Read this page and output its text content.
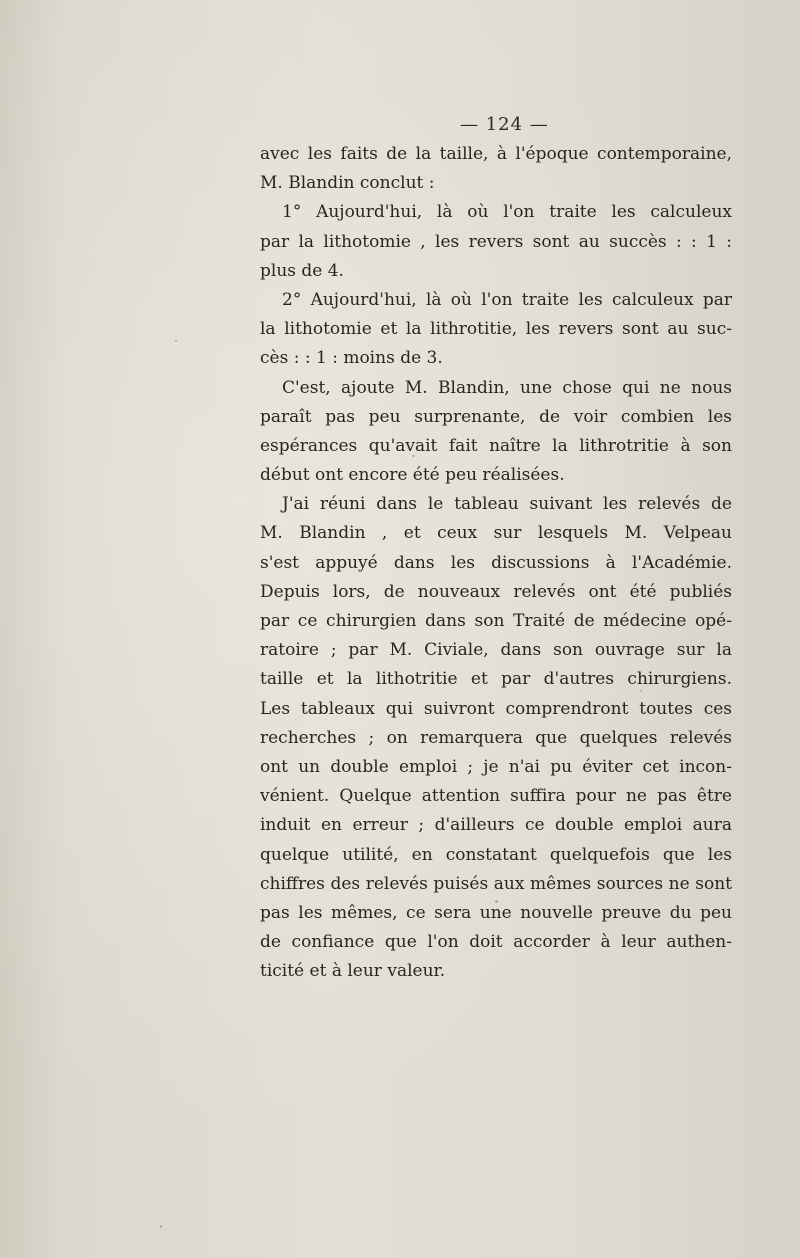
— 124 —
avec les faits de la taille, à l'époque contemporaine,
M. Blandin conclut :
1° Aujourd'hui, là où l'on traite les calculeux
par la lithotomie , les revers sont au succès : : 1 :
plus de 4.
2° Aujourd'hui, là où l'on traite les calculeux par
la lithotomie et la lithrotitie, les revers sont au suc-
cès : : 1 : moins de 3.
C'est, ajoute M. Blandin, une chose qui ne nous
paraît pas peu surprenante, de voir combien les
espérances qu'avait fait naître la lithrotritie à son
début ont encore été peu réalisées.
J'ai réuni dans le tableau suivant les relevés de
M. Blandin , et ceux sur lesquels M. Velpeau
s'est appuyé dans les discussions à l'Académie.
Depuis lors, de nouveaux relevés ont été publiés
par ce chirurgien dans son Traité de médecine opé-
ratoire ; par M. Civiale, dans son ouvrage sur la
taille et la lithotritie et par d'autres chirurgiens.
Les tableaux qui suivront comprendront toutes ces
recherches ; on remarquera que quelques relevés
ont un double emploi ; je n'ai pu éviter cet incon-
vénient. Quelque attention suffira pour ne pas être
induit en erreur ; d'ailleurs ce double emploi aura
quelque utilité, en constatant quelquefois que les
chiffres des relevés puisés aux mêmes sources ne sont
pas les mêmes, ce sera une nouvelle preuve du peu
de confiance que l'on doit accorder à leur authen-
ticité et à leur valeur.
